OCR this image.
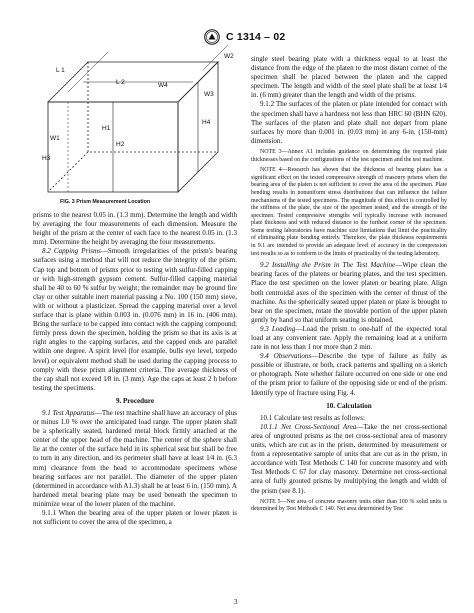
C 1314 – 02
L 1
L 2
W1
W2
W3
W4
H1
H2
H3
H4
FIG. 3 Prism Measurement Location

prisms to the nearest 0.05 in. (1.3 mm). Determine the length and width by averaging the four measurements of each dimension. Measure the height of the prism at the center of each face to the nearest 0.05 in. (1.3 mm). Determine the height by averaging the four measurements.

8.2 Capping Prisms—Smooth irregularities of the prism's bearing surfaces using a method that will not reduce the integrity of the prism. Cap top and bottom of prisms prior to testing with sulfur-filled capping or with high-strength gypsum cement. Sulfur-filled capping material shall be 40 to 60 % sulfur by weight; the remainder may be ground fire clay or other suitable inert material passing a No. 100 (150 mm) sieve, with or without a plasticizer. Spread the capping material over a level surface that is plane within 0.003 in. (0.076 mm) in 16 in. (406 mm). Bring the surface to be capped into contact with the capping compound; firmly press down the specimen, holding the prism so that its axis is at right angles to the capping surfaces, and the capped ends are parallel within one degree. A spirit level (for example, bulls eye level, torpedo level) or equivalent method shall be used during the capping process to comply with these prism alignment criteria. The average thickness of the cap shall not exceed 1⁄8 in. (3 mm). Age the caps at least 2 h before testing the specimens.

9. Procedure

9.1 Test Apparatus—The test machine shall have an accuracy of plus or minus 1.0 % over the anticipated load range. The upper platen shall be a spherically seated, hardened metal block firmly attached at the center of the upper head of the machine. The center of the sphere shall lie at the center of the surface held in its spherical seat but shall be free to turn in any direction, and its perimeter shall have at least 1⁄4 in. (6.3 mm) clearance from the head to accommodate specimens whose bearing surfaces are not parallel. The diameter of the upper platen (determined in accordance with A1.3) shall be at least 6 in. (150 mm). A hardened metal bearing plate may be used beneath the specimen to minimize wear of the lower platen of the machine.

9.1.1 When the bearing area of the upper platen or lower platen is not sufficient to cover the area of the specimen, a

single steel bearing plate with a thickness equal to at least the distance from the edge of the platen to the most distant corner of the specimen shall be placed between the platen and the capped specimen. The length and width of the steel plate shall be at least 1⁄4 in. (6 mm) greater than the length and width of the prisms.

9.1.2 The surfaces of the platen or plate intended for contact with the specimen shall have a hardness not less than HRC 60 (BHN 620). The surfaces of the platen and plate shall not depart from plane surfaces by more than 0.001 in. (0.03 mm) in any 6-in. (150-mm) dimension.

NOTE 3—Annex A1 includes guidance on determining the required plate thicknesses based on the configurations of the test specimen and the test machine.

NOTE 4—Research has shown that the thickness of bearing plates has a significant effect on the tested compressive strength of masonry prisms when the bearing area of the platen is not sufficient to cover the area of the specimen. Plate bending results in nonuniform stress distributions that can influence the failure mechanisms of the tested specimens. The magnitude of this effect is controlled by the stiffness of the plate, the size of the specimen tested, and the strength of the specimen. Tested compressive strengths will typically increase with increased plate thickness and with reduced distance to the furthest corner of the specimen. Some testing laboratories have machine size limitations that limit the practicality of eliminating plate bending entirely. Therefore, the plate thickness requirements in 9.1 are intended to provide an adequate level of accuracy in the compression test results so as to conform to the limits of practicality of the testing laboratory.

9.2 Installing the Prism in The Test Machine—Wipe clean the bearing faces of the platens or bearing plates, and the test specimen. Place the test specimen on the lower platen or bearing plate. Align both centroidal axes of the specimen with the center of thrust of the machine. As the spherically seated upper platen or plate is brought to bear on the specimen, rotate the movable portion of the upper platen gently by hand so that uniform seating is obtained.

9.3 Loading—Load the prism to one-half of the expected total load at any convenient rate. Apply the remaining load at a uniform rate in not less than 1 nor more than 2 min.

9.4 Observations—Describe the type of failure as fully as possible or illustrate, or both, crack patterns and spalling on a sketch or photograph. Note whether failure occurred on one side or one end of the prism prior to failure of the opposing side or end of the prism. Identify type of fracture using Fig. 4.

10. Calculation

10.1 Calculate test results as follows:

10.1.1 Net Cross-Sectional Area—Take the net cross-sectional area of ungrouted prisms as the net cross-sectional area of masonry units, which are cut as in the prism, determined by measurement or from a representative sample of units that are cut as in the prism, in accordance with Test Methods C 140 for concrete masonry and with Test Methods C 67 for clay masonry. Determine net cross-sectional area of fully grouted prisms by multiplying the length and width of the prism (see 8.1).

NOTE 5—Net area of concrete masonry units other than 100 % solid units is determined by Test Methods C 140. Net area determined by Test

3
